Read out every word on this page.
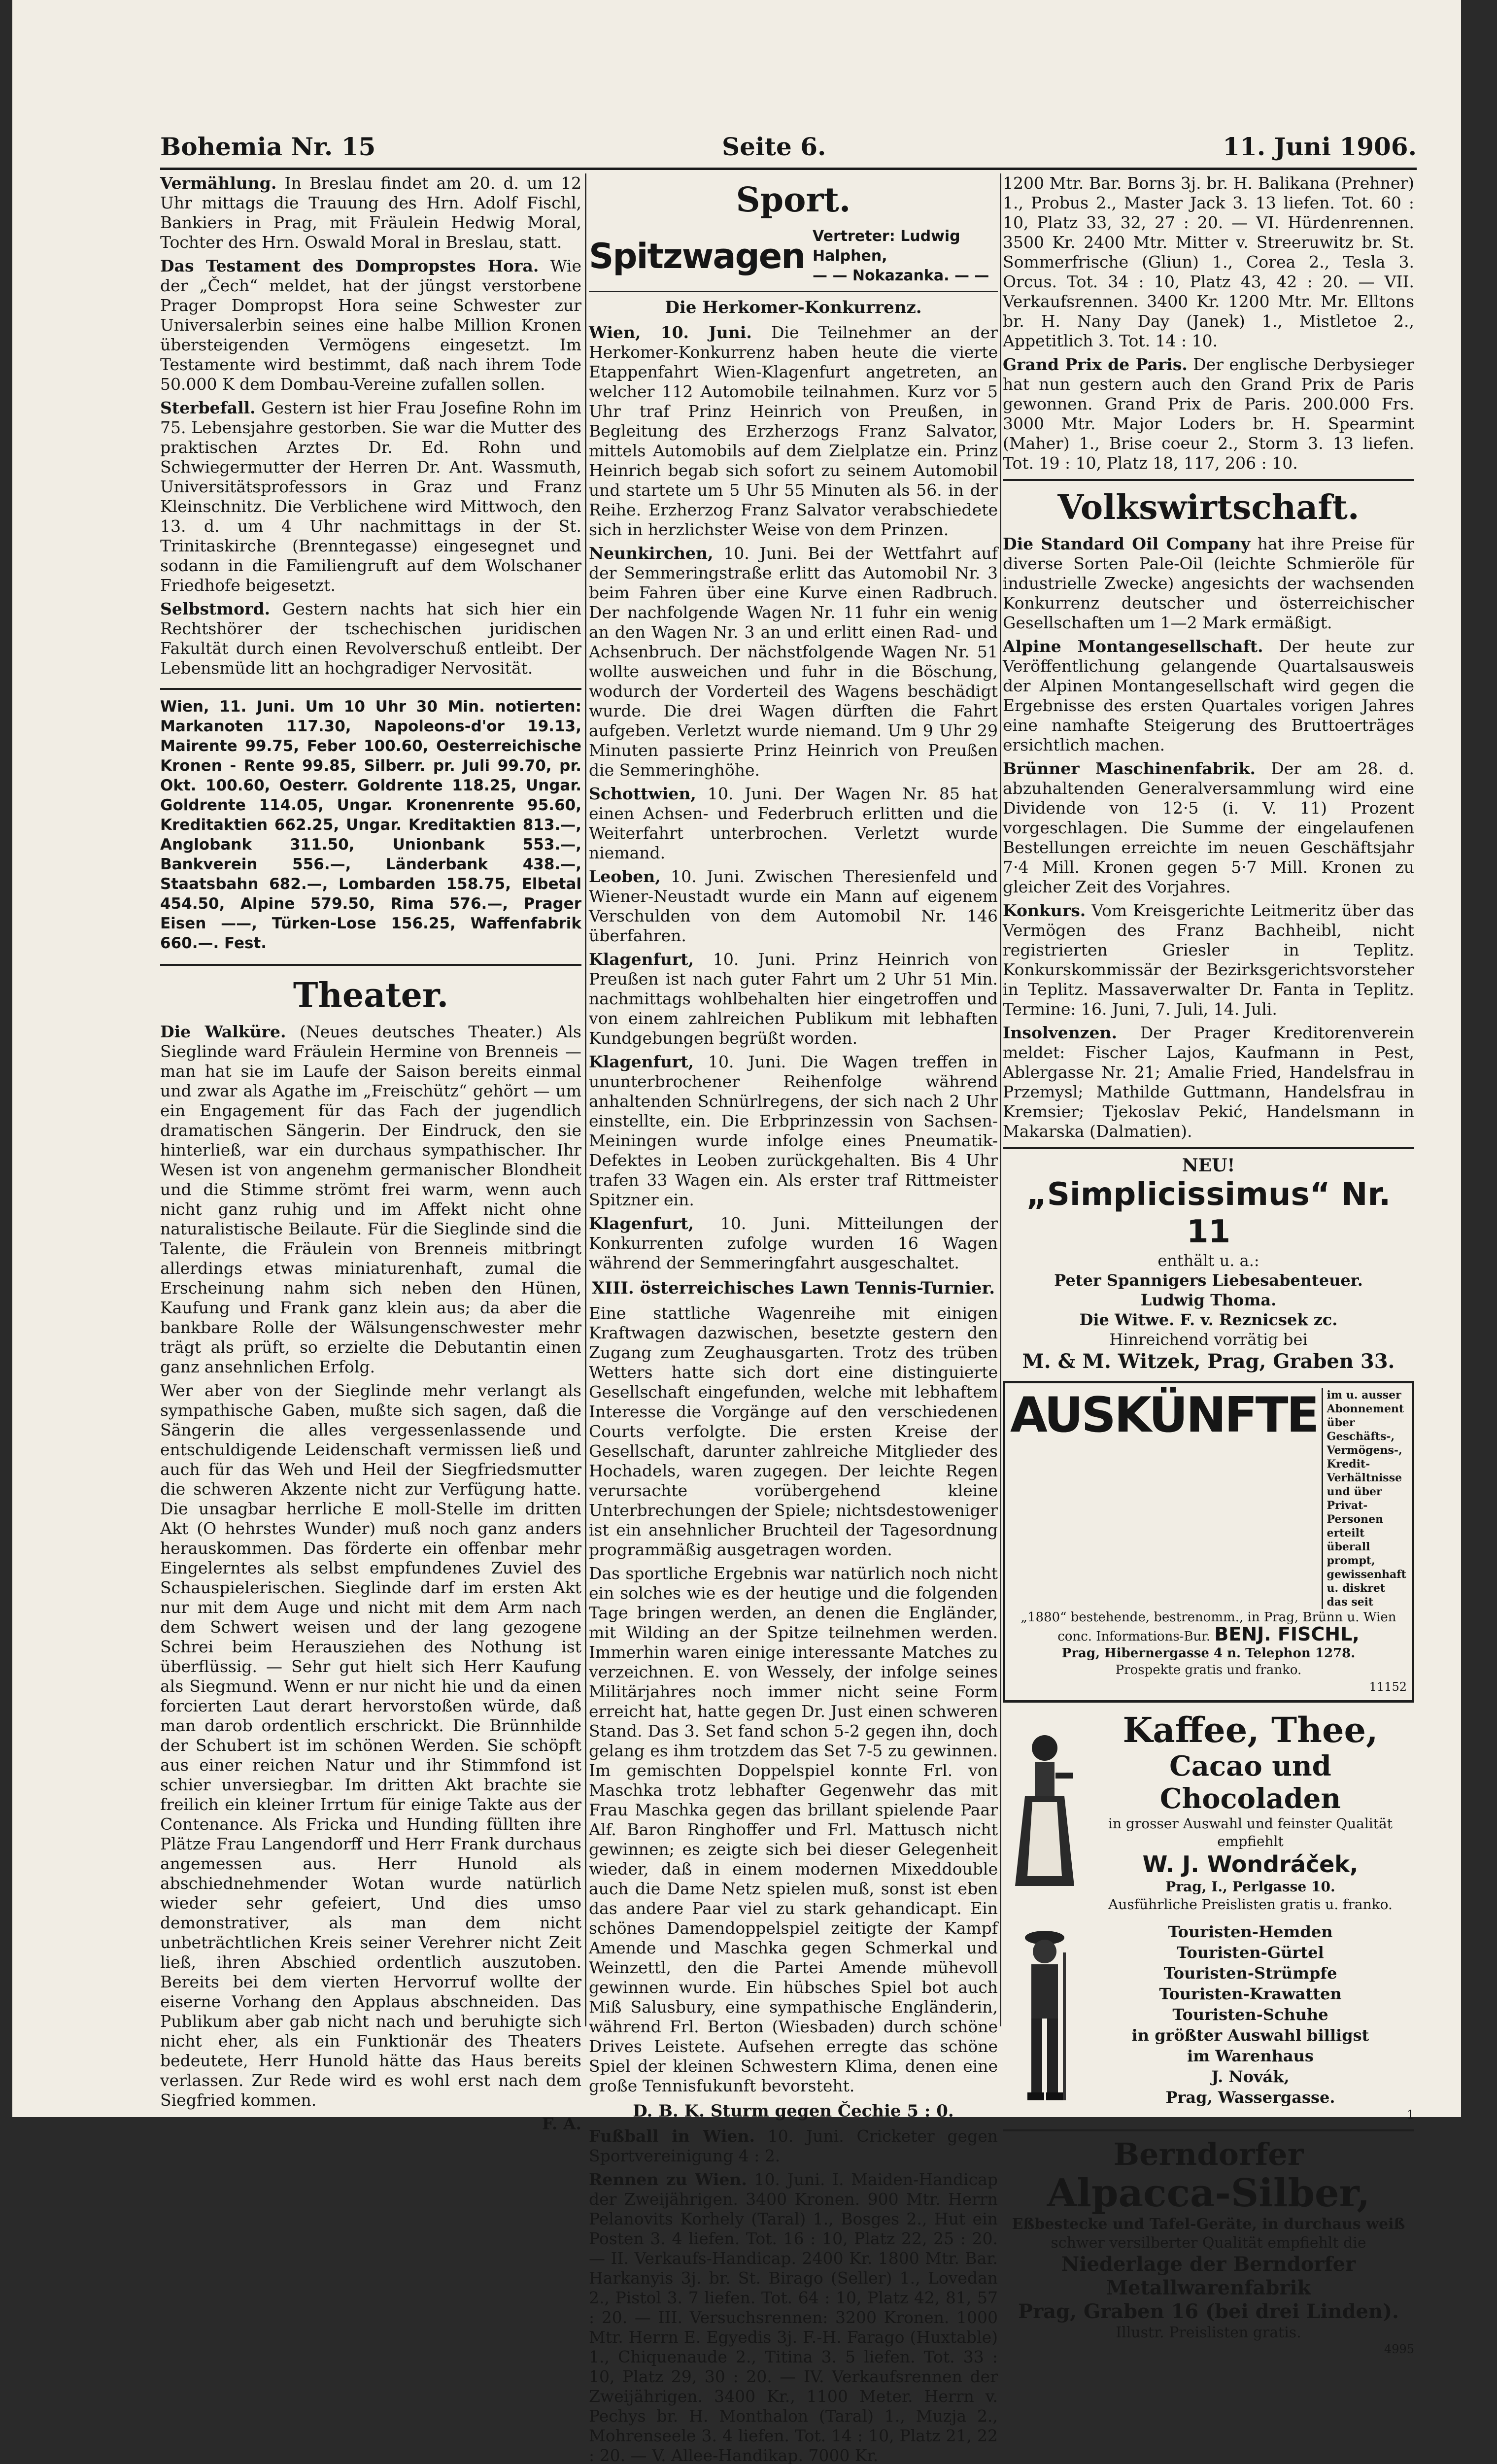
Bohemia Nr. 15	Seite 6.	11. Juni 1906.

Vermählung. In Breslau findet am 20. d. um 12 Uhr mittags die Trauung des Hrn. Adolf Fischl, Bankiers in Prag, mit Fräulein Hedwig Moral, Tochter des Hrn. Oswald Moral in Breslau, statt.

Das Testament des Dompropstes Hora. Wie der „Čech“ meldet, hat der jüngst verstorbene Prager Dompropst Hora seine Schwester zur Universalerbin seines eine halbe Million Kronen übersteigenden Vermögens eingesetzt. Im Testamente wird bestimmt, daß nach ihrem Tode 50.000 K dem Dombau-Vereine zufallen sollen.

Sterbefall. Gestern ist hier Frau Josefine Rohn im 75. Lebensjahre gestorben. Sie war die Mutter des praktischen Arztes Dr. Ed. Rohn und Schwiegermutter der Herren Dr. Ant. Wassmuth, Universitätsprofessors in Graz und Franz Kleinschnitz. Die Verblichene wird Mittwoch, den 13. d. um 4 Uhr nachmittags in der St. Trinitaskirche (Brenntegasse) eingesegnet und sodann in die Familiengruft auf dem Wolschaner Friedhofe beigesetzt.

Selbstmord. Gestern nachts hat sich hier ein Rechtshörer der tschechischen juridischen Fakultät durch einen Revolverschuß entleibt. Der Lebensmüde litt an hochgradiger Nervosität.

Wien, 11. Juni. Um 10 Uhr 30 Min. notierten: Markanoten 117.30, Napoleons-d'or 19.13, Mairente 99.75, Feber 100.60, Oesterreichische Kronen - Rente 99.85, Silberr. pr. Juli 99.70, pr. Okt. 100.60, Oesterr. Goldrente 118.25, Ungar. Goldrente 114.05, Ungar. Kronenrente 95.60, Kreditaktien 662.25, Ungar. Kreditaktien 813.—, Anglobank 311.50, Unionbank 553.—, Bankverein 556.—, Länderbank 438.—, Staatsbahn 682.—, Lombarden 158.75, Elbetal 454.50, Alpine 579.50, Rima 576.—, Prager Eisen ——, Türken-Lose 156.25, Waffenfabrik 660.—. Fest.

Theater.

Die Walküre. (Neues deutsches Theater.) Als Sieglinde ward Fräulein Hermine von Brenneis — man hat sie im Laufe der Saison bereits einmal und zwar als Agathe im „Freischütz“ gehört — um ein Engagement für das Fach der jugendlich dramatischen Sängerin. Der Eindruck, den sie hinterließ, war ein durchaus sympathischer. Ihr Wesen ist von angenehm germanischer Blondheit und die Stimme strömt frei warm, wenn auch nicht ganz ruhig und im Affekt nicht ohne naturalistische Beilaute. Für die Sieglinde sind die Talente, die Fräulein von Brenneis mitbringt allerdings etwas miniaturenhaft, zumal die Erscheinung nahm sich neben den Hünen, Kaufung und Frank ganz klein aus; da aber die bankbare Rolle der Wälsungenschwester mehr trägt als prüft, so erzielte die Debutantin einen ganz ansehnlichen Erfolg.

Wer aber von der Sieglinde mehr verlangt als sympathische Gaben, mußte sich sagen, daß die Sängerin die alles vergessenlassende und entschuldigende Leidenschaft vermissen ließ und auch für das Weh und Heil der Siegfriedsmutter die schweren Akzente nicht zur Verfügung hatte. Die unsagbar herrliche E moll-Stelle im dritten Akt (O hehrstes Wunder) muß noch ganz anders herauskommen. Das förderte ein offenbar mehr Eingelerntes als selbst empfundenes Zuviel des Schauspielerischen. Sieglinde darf im ersten Akt nur mit dem Auge und nicht mit dem Arm nach dem Schwert weisen und der lang gezogene Schrei beim Herausziehen des Nothung ist überflüssig. — Sehr gut hielt sich Herr Kaufung als Siegmund. Wenn er nur nicht hie und da einen forcierten Laut derart hervorstoßen würde, daß man darob ordentlich erschrickt. Die Brünnhilde der Schubert ist im schönen Werden. Sie schöpft aus einer reichen Natur und ihr Stimmfond ist schier unversiegbar. Im dritten Akt brachte sie freilich ein kleiner Irrtum für einige Takte aus der Contenance. Als Fricka und Hunding füllten ihre Plätze Frau Langendorff und Herr Frank durchaus angemessen aus. Herr Hunold als abschiednehmender Wotan wurde natürlich wieder sehr gefeiert, Und dies umso demonstrativer, als man dem nicht unbeträchtlichen Kreis seiner Verehrer nicht Zeit ließ, ihren Abschied ordentlich auszutoben. Bereits bei dem vierten Hervorruf wollte der eiserne Vorhang den Applaus abschneiden. Das Publikum aber gab nicht nach und beruhigte sich nicht eher, als ein Funktionär des Theaters bedeutete, Herr Hunold hätte das Haus bereits verlassen. Zur Rede wird es wohl erst nach dem Siegfried kommen.

F. A.

Sport.
Spitzwagen Vertreter: Ludwig Halphen,
— — Nokazanka. — —
Die Herkomer-Konkurrenz.

Wien, 10. Juni. Die Teilnehmer an der Herkomer-Konkurrenz haben heute die vierte Etappenfahrt Wien-Klagenfurt angetreten, an welcher 112 Automobile teilnahmen. Kurz vor 5 Uhr traf Prinz Heinrich von Preußen, in Begleitung des Erzherzogs Franz Salvator, mittels Automobils auf dem Zielplatze ein. Prinz Heinrich begab sich sofort zu seinem Automobil und startete um 5 Uhr 55 Minuten als 56. in der Reihe. Erzherzog Franz Salvator verabschiedete sich in herzlichster Weise von dem Prinzen.

Neunkirchen, 10. Juni. Bei der Wettfahrt auf der Semmeringstraße erlitt das Automobil Nr. 3 beim Fahren über eine Kurve einen Radbruch. Der nachfolgende Wagen Nr. 11 fuhr ein wenig an den Wagen Nr. 3 an und erlitt einen Rad- und Achsenbruch. Der nächstfolgende Wagen Nr. 51 wollte ausweichen und fuhr in die Böschung, wodurch der Vorderteil des Wagens beschädigt wurde. Die drei Wagen dürften die Fahrt aufgeben. Verletzt wurde niemand. Um 9 Uhr 29 Minuten passierte Prinz Heinrich von Preußen die Semmeringhöhe.

Schottwien, 10. Juni. Der Wagen Nr. 85 hat einen Achsen- und Federbruch erlitten und die Weiterfahrt unterbrochen. Verletzt wurde niemand.

Leoben, 10. Juni. Zwischen Theresienfeld und Wiener-Neustadt wurde ein Mann auf eigenem Verschulden von dem Automobil Nr. 146 überfahren.

Klagenfurt, 10. Juni. Prinz Heinrich von Preußen ist nach guter Fahrt um 2 Uhr 51 Min. nachmittags wohlbehalten hier eingetroffen und von einem zahlreichen Publikum mit lebhaften Kundgebungen begrüßt worden.

Klagenfurt, 10. Juni. Die Wagen treffen in ununterbrochener Reihenfolge während anhaltenden Schnürlregens, der sich nach 2 Uhr einstellte, ein. Die Erbprinzessin von Sachsen-Meiningen wurde infolge eines Pneumatik-Defektes in Leoben zurückgehalten. Bis 4 Uhr trafen 33 Wagen ein. Als erster traf Rittmeister Spitzner ein.

Klagenfurt, 10. Juni. Mitteilungen der Konkurrenten zufolge wurden 16 Wagen während der Semmeringfahrt ausgeschaltet.

XIII. österreichisches Lawn Tennis-Turnier.

Eine stattliche Wagenreihe mit einigen Kraftwagen dazwischen, besetzte gestern den Zugang zum Zeughausgarten. Trotz des trüben Wetters hatte sich dort eine distinguierte Gesellschaft eingefunden, welche mit lebhaftem Interesse die Vorgänge auf den verschiedenen Courts verfolgte. Die ersten Kreise der Gesellschaft, darunter zahlreiche Mitglieder des Hochadels, waren zugegen. Der leichte Regen verursachte vorübergehend kleine Unterbrechungen der Spiele; nichtsdestoweniger ist ein ansehnlicher Bruchteil der Tagesordnung programmäßig ausgetragen worden.

Das sportliche Ergebnis war natürlich noch nicht ein solches wie es der heutige und die folgenden Tage bringen werden, an denen die Engländer, mit Wilding an der Spitze teilnehmen werden. Immerhin waren einige interessante Matches zu verzeichnen. E. von Wessely, der infolge seines Militärjahres noch immer nicht seine Form erreicht hat, hatte gegen Dr. Just einen schweren Stand. Das 3. Set fand schon 5-2 gegen ihn, doch gelang es ihm trotzdem das Set 7-5 zu gewinnen. Im gemischten Doppelspiel konnte Frl. von Maschka trotz lebhafter Gegenwehr das mit Frau Maschka gegen das brillant spielende Paar Alf. Baron Ringhoffer und Frl. Mattusch nicht gewinnen; es zeigte sich bei dieser Gelegenheit wieder, daß in einem modernen Mixeddouble auch die Dame Netz spielen muß, sonst ist eben das andere Paar viel zu stark gehandicapt. Ein schönes Damendoppelspiel zeitigte der Kampf Amende und Maschka gegen Schmerkal und Weinzettl, den die Partei Amende mühevoll gewinnen wurde. Ein hübsches Spiel bot auch Miß Salusbury, eine sympathische Engländerin, während Frl. Berton (Wiesbaden) durch schöne Drives Leistete. Aufsehen erregte das schöne Spiel der kleinen Schwestern Klima, denen eine große Tennisfukunft bevorsteht.

D. B. K. Sturm gegen Čechie 5 : 0.

Fußball in Wien. 10. Juni. Cricketer gegen Sportvereinigung 4 : 2.

Rennen zu Wien. 10. Juni. I. Maiden-Handicap der Zweijährigen. 3400 Kronen. 900 Mtr. Herrn Pelanovits Korhely (Taral) 1., Bosges 2., Hut ein Posten 3. 4 liefen. Tot. 16 : 10, Platz 22, 25 : 20. — II. Verkaufs-Handicap. 2400 Kr. 1800 Mtr. Bar. Harkanyis 3j. br. St. Birago (Seller) 1., Lovedan 2., Pistol 3. 7 liefen. Tot. 64 : 10, Platz 42, 81, 57 : 20. — III. Versuchsrennen: 3200 Kronen. 1000 Mtr. Herrn E. Egyedis 3j. F.-H. Farago (Huxtable) 1., Chiquenaude 2., Titina 3. 5 liefen. Tot. 33 : 10, Platz 29, 30 : 20. — IV. Verkaufsrennen der Zweijährigen. 3400 Kr., 1100 Meter. Herrn v. Pechys br. H. Monthalon (Taral) 1., Muzja 2., Mohrenseele 3. 4 liefen. Tot. 14 : 10, Platz 21, 22 : 20. — V. Allee-Handikap. 7000 Kr.

1200 Mtr. Bar. Borns 3j. br. H. Balikana (Prehner) 1., Probus 2., Master Jack 3. 13 liefen. Tot. 60 : 10, Platz 33, 32, 27 : 20. — VI. Hürdenrennen. 3500 Kr. 2400 Mtr. Mitter v. Streeruwitz br. St. Sommerfrische (Gliun) 1., Corea 2., Tesla 3. Orcus. Tot. 34 : 10, Platz 43, 42 : 20. — VII. Verkaufsrennen. 3400 Kr. 1200 Mtr. Mr. Elltons br. H. Nany Day (Janek) 1., Mistletoe 2., Appetitlich 3. Tot. 14 : 10.

Grand Prix de Paris. Der englische Derbysieger hat nun gestern auch den Grand Prix de Paris gewonnen. Grand Prix de Paris. 200.000 Frs. 3000 Mtr. Major Loders br. H. Spearmint (Maher) 1., Brise coeur 2., Storm 3. 13 liefen. Tot. 19 : 10, Platz 18, 117, 206 : 10.

Volkswirtschaft.

Die Standard Oil Company hat ihre Preise für diverse Sorten Pale-Oil (leichte Schmieröle für industrielle Zwecke) angesichts der wachsenden Konkurrenz deutscher und österreichischer Gesellschaften um 1—2 Mark ermäßigt.

Alpine Montangesellschaft. Der heute zur Veröffentlichung gelangende Quartalsausweis der Alpinen Montangesellschaft wird gegen die Ergebnisse des ersten Quartales vorigen Jahres eine namhafte Steigerung des Bruttoerträges ersichtlich machen.

Brünner Maschinenfabrik. Der am 28. d. abzuhaltenden Generalversammlung wird eine Dividende von 12·5 (i. V. 11) Prozent vorgeschlagen. Die Summe der eingelaufenen Bestellungen erreichte im neuen Geschäftsjahr 7·4 Mill. Kronen gegen 5·7 Mill. Kronen zu gleicher Zeit des Vorjahres.

Konkurs. Vom Kreisgerichte Leitmeritz über das Vermögen des Franz Bachheibl, nicht registrierten Griesler in Teplitz. Konkurskommissär der Bezirksgerichtsvorsteher in Teplitz. Massaverwalter Dr. Fanta in Teplitz. Termine: 16. Juni, 7. Juli, 14. Juli.

Insolvenzen. Der Prager Kreditorenverein meldet: Fischer Lajos, Kaufmann in Pest, Ablergasse Nr. 21; Amalie Fried, Handelsfrau in Przemysl; Mathilde Guttmann, Handelsfrau in Kremsier; Tjekoslav Pekić, Handelsmann in Makarska (Dalmatien).

NEU!
„Simplicissimus“ Nr. 11
enthält u. a.:
Peter Spannigers Liebesabenteuer.
Ludwig Thoma.
Die Witwe. F. v. Reznicsek zc.
Hinreichend vorrätig bei
M. & M. Witzek, Prag, Graben 33.
AUSKÜNFTE im u. ausser Abonnement über Geschäfts-, Vermögens-, Kredit-Verhältnisse und über Privat-Personen erteilt überall prompt, gewissenhaft u. diskret das seit
„1880“ bestehende, bestrenomm., in Prag, Brünn u. Wien
conc. Informations-Bur. BENJ. FISCHL,
Prag, Hibernergasse 4 n. Telephon 1278.
Prospekte gratis und franko.
11152
Kaffee, Thee,
Cacao und Chocoladen
in grosser Auswahl und feinster Qualität
empfiehlt
W. J. Wondráček,
Prag, I., Perlgasse 10.
Ausführliche Preislisten gratis u. franko.
Touristen-Hemden
Touristen-Gürtel
Touristen-Strümpfe
Touristen-Krawatten
Touristen-Schuhe
in größter Auswahl billigst
im Warenhaus
J. Novák,
Prag, Wassergasse.
1
Berndorfer
Alpacca-Silber,
Eßbestecke und Tafel-Geräte, in durchaus weiß
schwer versilberter Qualität empfiehlt die
Niederlage der Berndorfer Metallwarenfabrik
Prag, Graben 16 (bei drei Linden).
Illustr. Preislisten gratis.
4995
